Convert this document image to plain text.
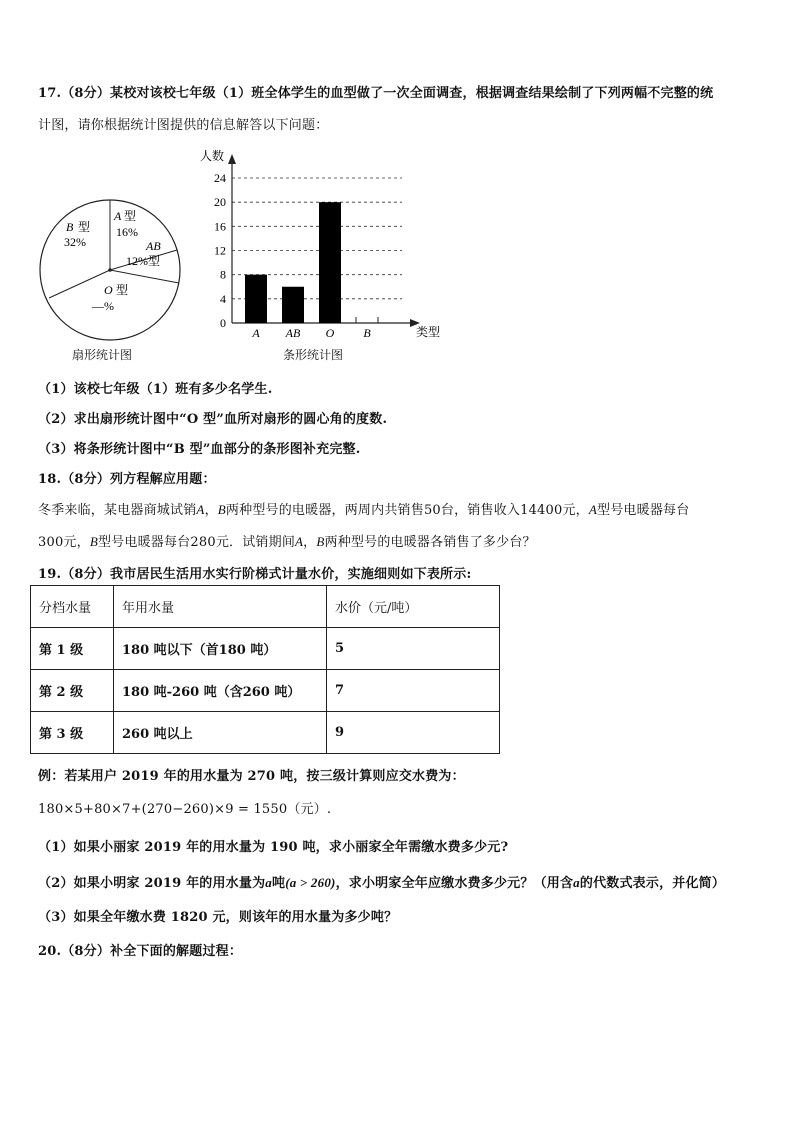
17.（8分）某校对该校七年级（1）班全体学生的血型做了一次全面调查，根据调查结果绘制了下列两幅不完整的统
计图，请你根据统计图提供的信息解答以下问题：
B 型
32%
A 型
16%
AB
12% 型
O 型
—%
扇形统计图
人数
0
4
8
12
16
20
24
A AB O B	类型
条形统计图
（1）该校七年级（1）班有多少名学生.
（2）求出扇形统计图中“O 型”血所对扇形的圆心角的度数.
（3）将条形统计图中“B 型”血部分的条形图补充完整.
18.（8分）列方程解应用题：
冬季来临，某电器商城试销A，B两种型号的电暖器，两周内共销售50台，销售收入14400元，A型号电暖器每台
300元，B型号电暖器每台280元．试销期间A，B两种型号的电暖器各销售了多少台？
19.（8分）我市居民生活用水实行阶梯式计量水价，实施细则如下表所示:
分档水量	年用水量	水价（元/吨）
第 1 级	180 吨以下（首180 吨）	5
第 2 级	180 吨-260 吨（含260 吨）	7
第 3 级	260 吨以上	9
例：若某用户 2019 年的用水量为 270 吨，按三级计算则应交水费为：
180×5+80×7+(270−260)×9 = 1550（元）.
（1）如果小丽家 2019 年的用水量为 190 吨，求小丽家全年需缴水费多少元?
（2）如果小明家 2019 年的用水量为a吨(a > 260)，求小明家全年应缴水费多少元？（用含a的代数式表示，并化简）
（3）如果全年缴水费 1820 元，则该年的用水量为多少吨？
20.（8分）补全下面的解题过程：
